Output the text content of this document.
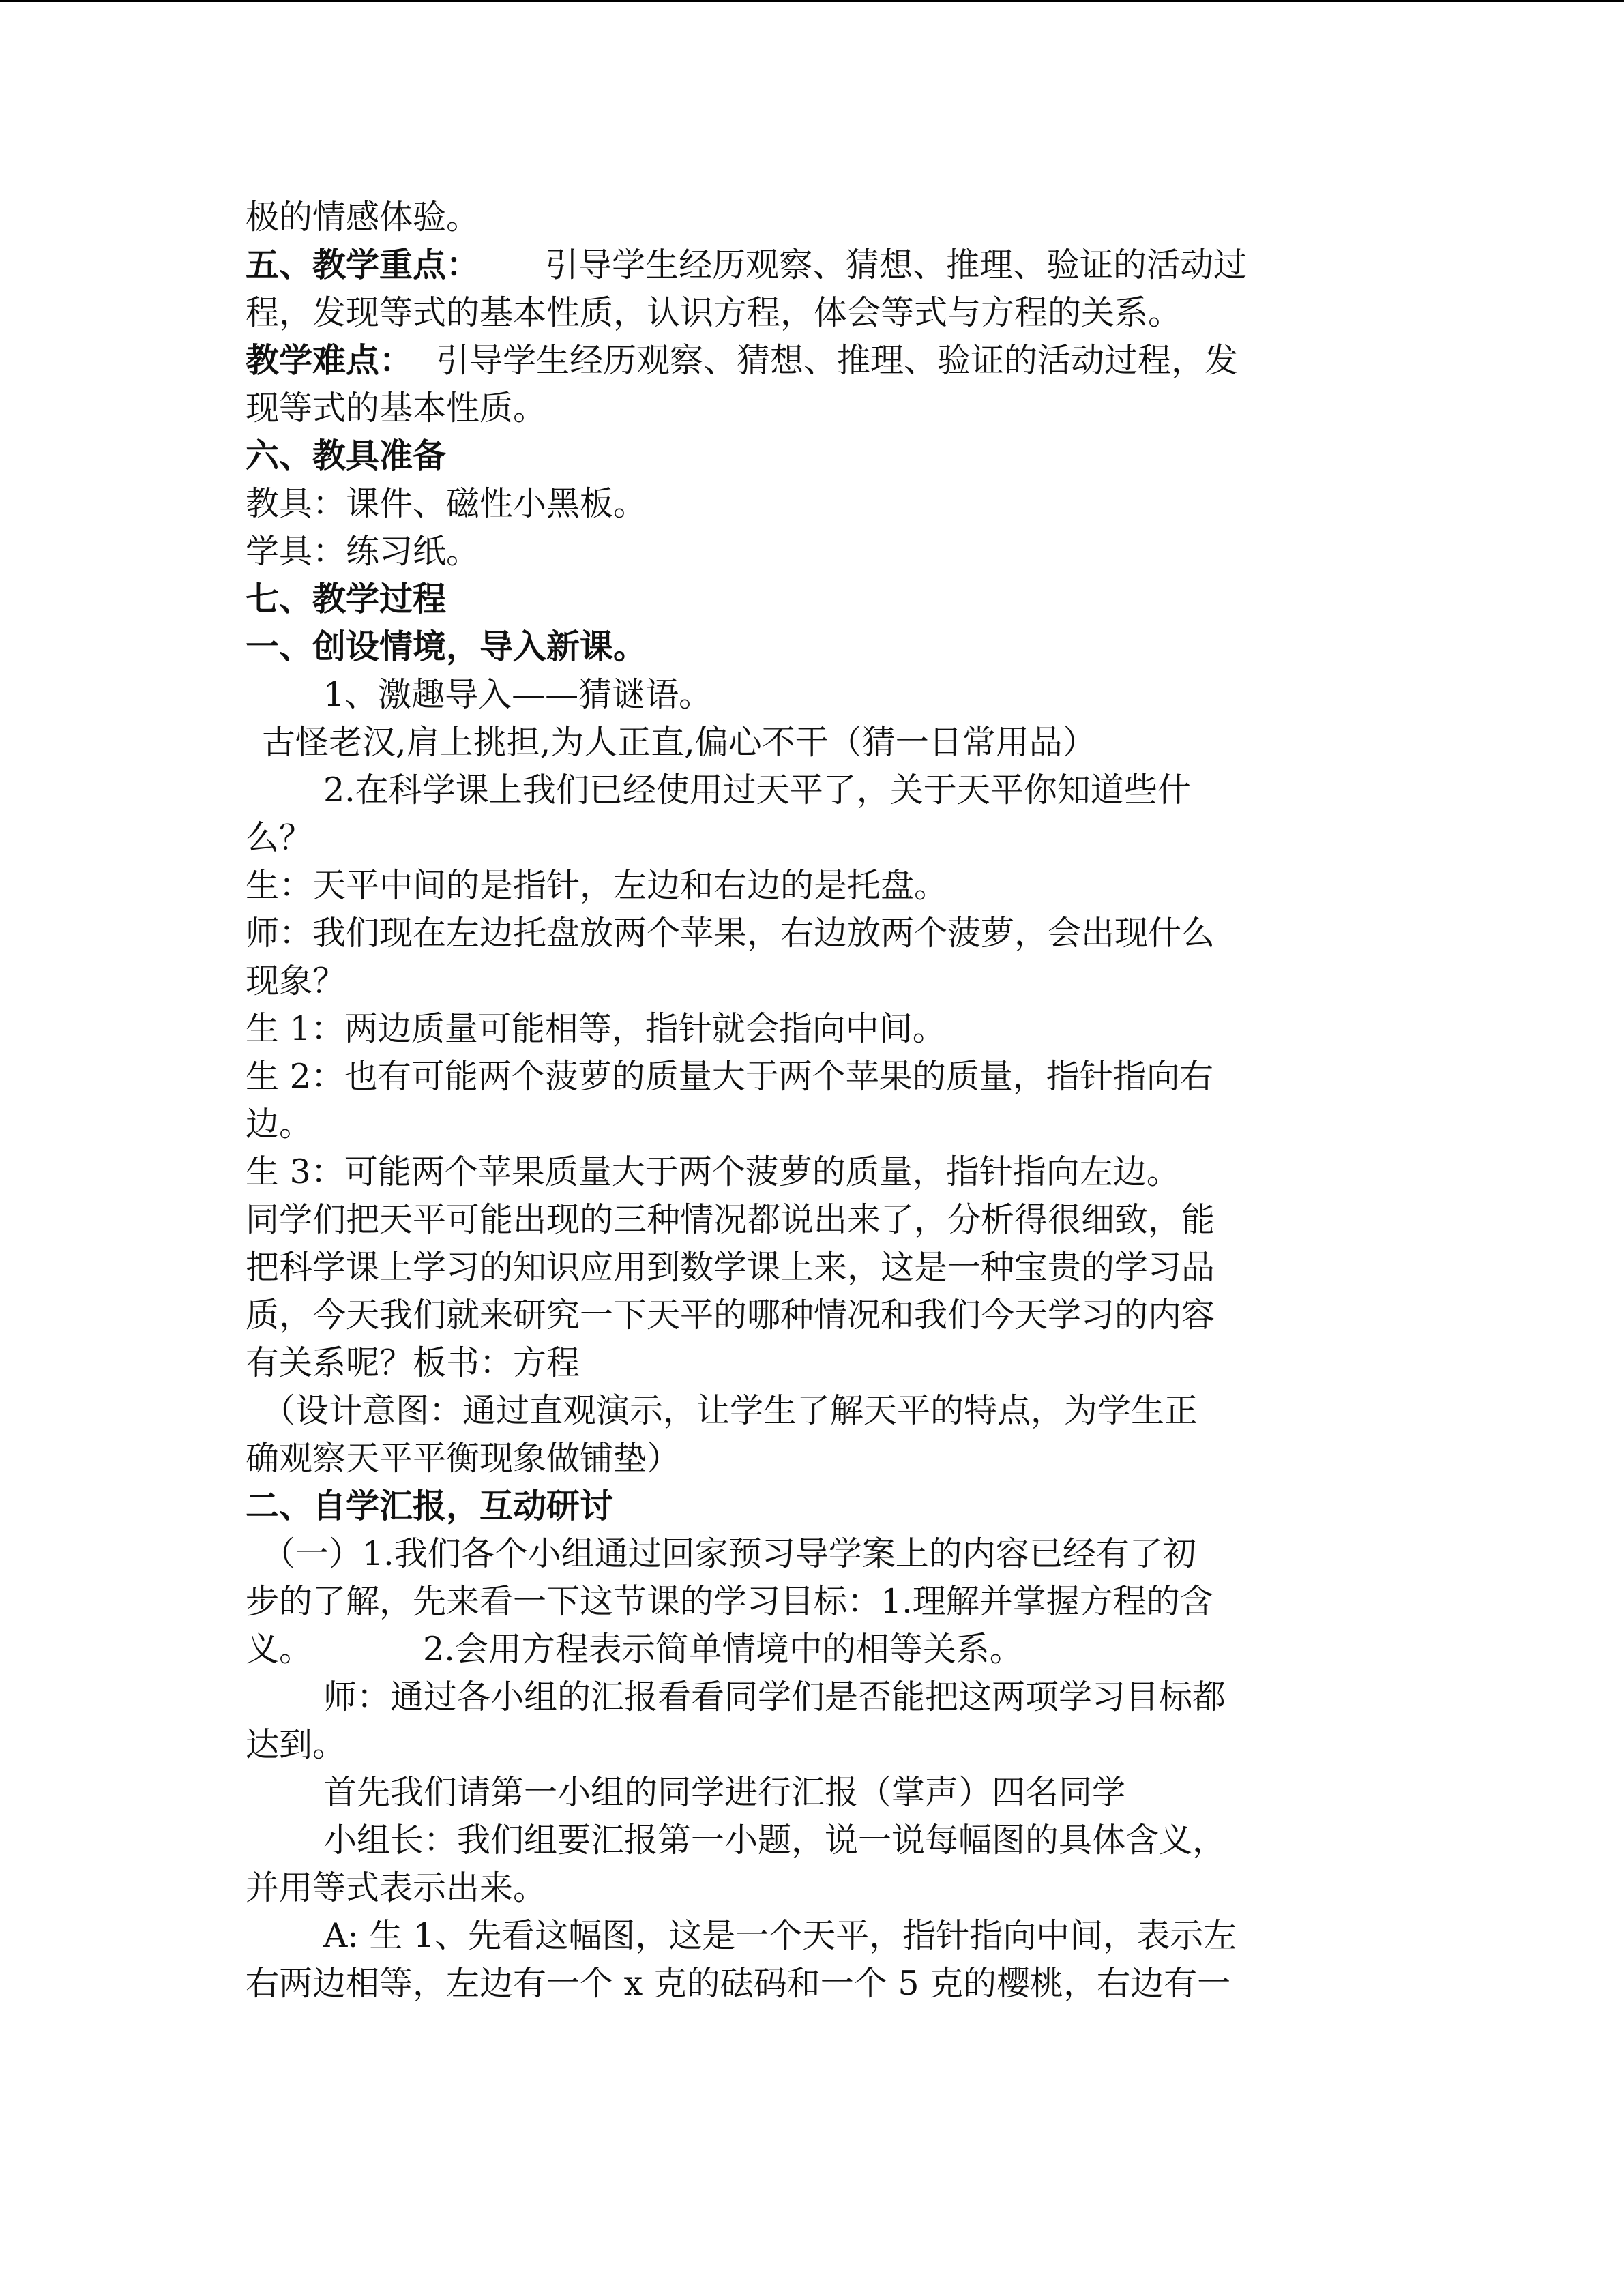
极的情感体验。
五、教学重点： 引导学生经历观察、猜想、推理、验证的活动过
程，发现等式的基本性质，认识方程，体会等式与方程的关系。
教学难点： 引导学生经历观察、猜想、推理、验证的活动过程，发
现等式的基本性质。
六、教具准备
教具：课件、磁性小黑板。
学具：练习纸。
七、教学过程
一、创设情境，导入新课。
1、激趣导入——猜谜语。
古怪老汉,肩上挑担,为人正直,偏心不干（猜一日常用品）
2.在科学课上我们已经使用过天平了，关于天平你知道些什
么？
生：天平中间的是指针，左边和右边的是托盘。
师：我们现在左边托盘放两个苹果，右边放两个菠萝，会出现什么
现象？
生 1：两边质量可能相等，指针就会指向中间。
生 2：也有可能两个菠萝的质量大于两个苹果的质量，指针指向右
边。
生 3：可能两个苹果质量大于两个菠萝的质量，指针指向左边。
同学们把天平可能出现的三种情况都说出来了，分析得很细致，能
把科学课上学习的知识应用到数学课上来，这是一种宝贵的学习品
质，今天我们就来研究一下天平的哪种情况和我们今天学习的内容
有关系呢？板书：方程
（设计意图：通过直观演示，让学生了解天平的特点，为学生正
确观察天平平衡现象做铺垫）
二、自学汇报，互动研讨
（一）1.我们各个小组通过回家预习导学案上的内容已经有了初
步的了解，先来看一下这节课的学习目标：1.理解并掌握方程的含
义。	2.会用方程表示简单情境中的相等关系。
师：通过各小组的汇报看看同学们是否能把这两项学习目标都
达到。
首先我们请第一小组的同学进行汇报（掌声）四名同学
小组长：我们组要汇报第一小题，说一说每幅图的具体含义，
并用等式表示出来。
A: 生 1、先看这幅图，这是一个天平，指针指向中间，表示左
右两边相等，左边有一个 x 克的砝码和一个 5 克的樱桃，右边有一
